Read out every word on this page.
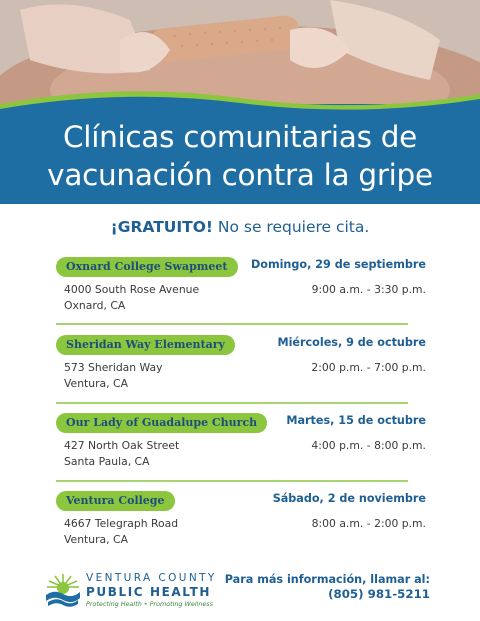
Clínicas comunitarias de
vacunación contra la gripe
¡GRATUITO! No se requiere cita.
Oxnard College Swapmeet	Domingo, 29 de septiembre
4000 South Rose Avenue
Oxnard, CA
9:00 a.m. - 3:30 p.m.
Sheridan Way Elementary	Miércoles, 9 de octubre
573 Sheridan Way
Ventura, CA
2:00 p.m. - 7:00 p.m.
Our Lady of Guadalupe Church	Martes, 15 de octubre
427 North Oak Street
Santa Paula, CA
4:00 p.m. - 8:00 p.m.
Ventura College	Sábado, 2 de noviembre
4667 Telegraph Road
Ventura, CA
8:00 a.m. - 2:00 p.m.
VENTURA COUNTY
PUBLIC HEALTH
Protecting Health • Promoting Wellness
Para más información, llamar al:
(805) 981-5211
